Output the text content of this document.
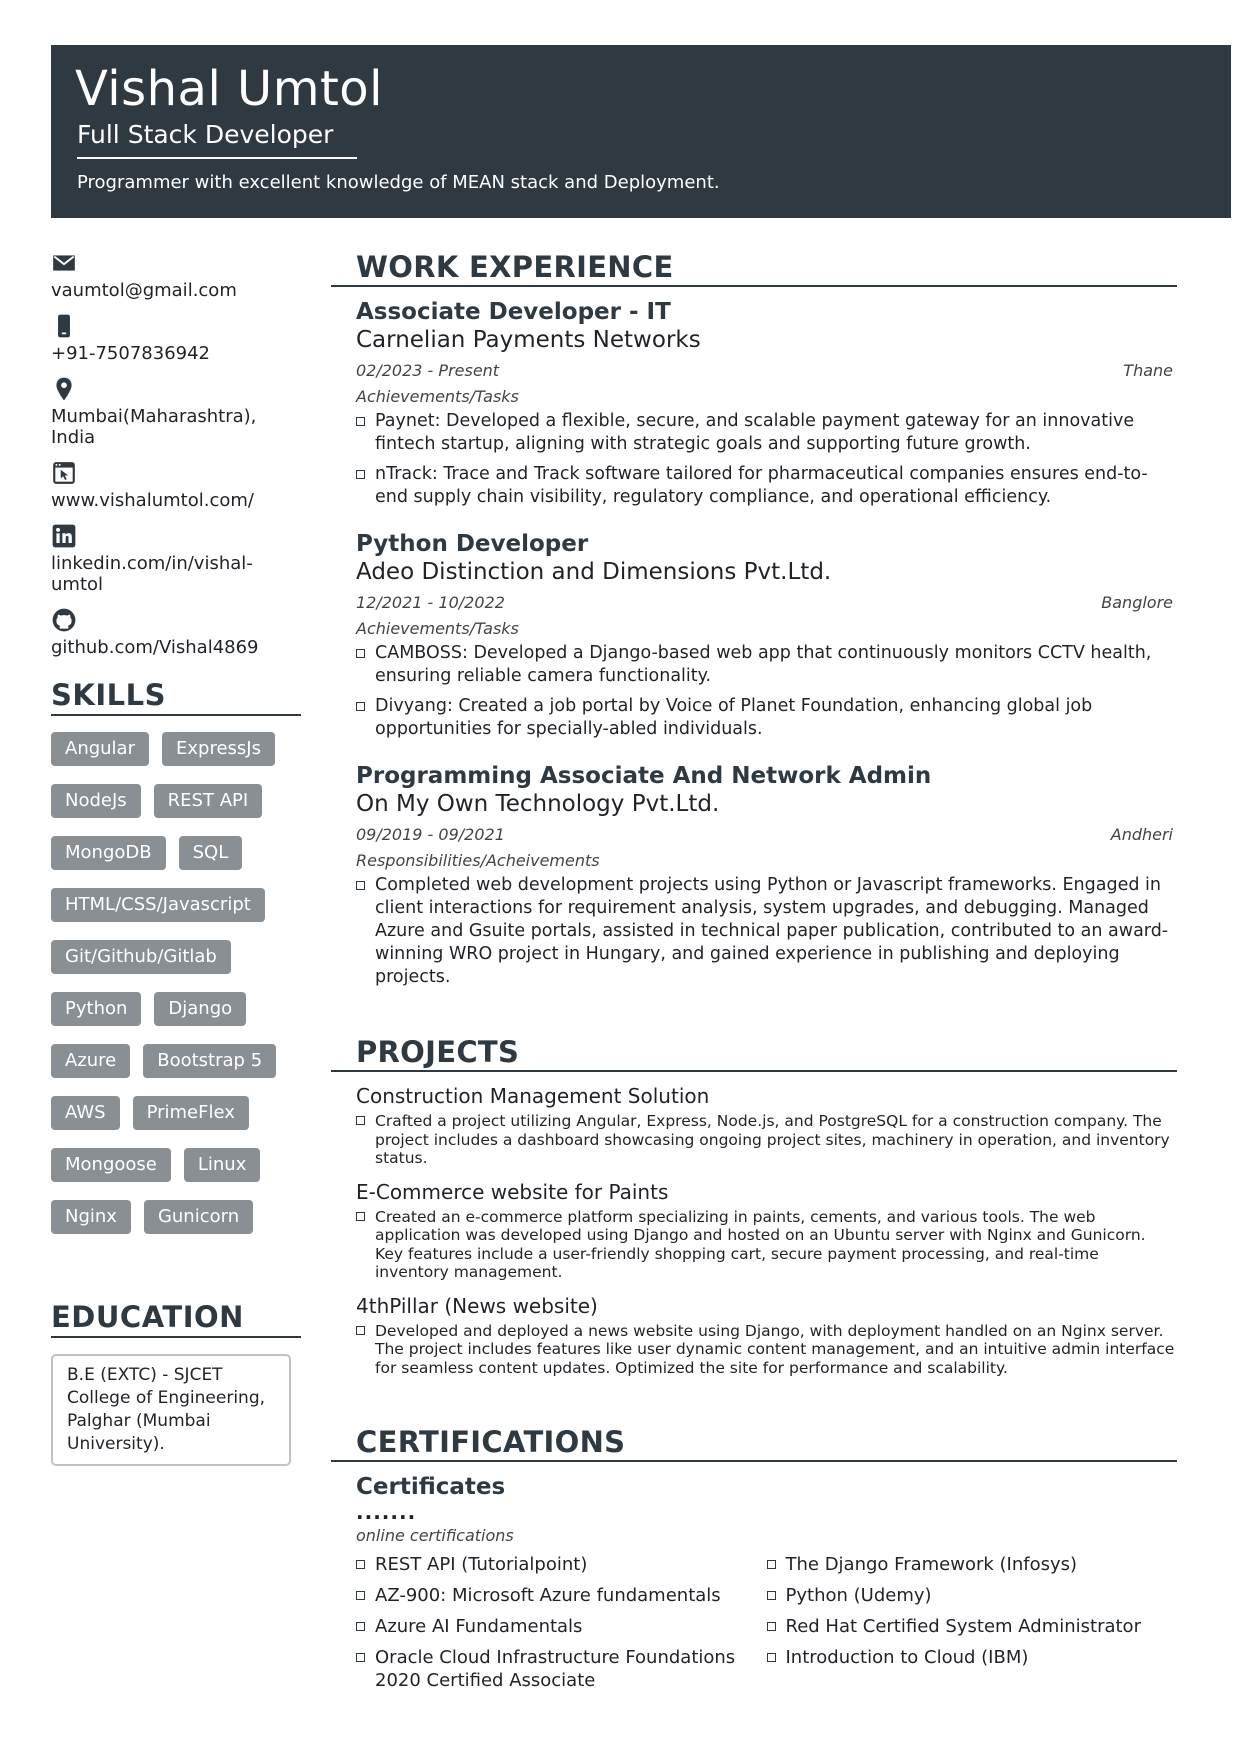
Vishal Umtol
Full Stack Developer
Programmer with excellent knowledge of MEAN stack and Deployment.
vaumtol@gmail.com
+91-7507836942
Mumbai(Maharashtra), India
www.vishalumtol.com/
linkedin.com/in/vishal-umtol
github.com/Vishal4869
SKILLS
Angular	ExpressJs
NodeJs	REST API
MongoDB	SQL
HTML/CSS/Javascript
Git/Github/Gitlab
Python	Django
Azure	Bootstrap 5
AWS	PrimeFlex
Mongoose	Linux
Nginx	Gunicorn
EDUCATION
B.E (EXTC) - SJCET College of Engineering, Palghar (Mumbai University).
WORK EXPERIENCE
Associate Developer - IT
Carnelian Payments Networks
02/2023 - Present	Thane
Achievements/Tasks
Paynet: Developed a flexible, secure, and scalable payment gateway for an innovative fintech startup, aligning with strategic goals and supporting future growth.
nTrack: Trace and Track software tailored for pharmaceutical companies ensures end-to-end supply chain visibility, regulatory compliance, and operational efficiency.
Python Developer
Adeo Distinction and Dimensions Pvt.Ltd.
12/2021 - 10/2022	Banglore
Achievements/Tasks
CAMBOSS: Developed a Django-based web app that continuously monitors CCTV health, ensuring reliable camera functionality.
Divyang: Created a job portal by Voice of Planet Foundation, enhancing global job opportunities for specially-abled individuals.
Programming Associate And Network Admin
On My Own Technology Pvt.Ltd.
09/2019 - 09/2021	Andheri
Responsibilities/Acheivements
Completed web development projects using Python or Javascript frameworks. Engaged in client interactions for requirement analysis, system upgrades, and debugging. Managed Azure and Gsuite portals, assisted in technical paper publication, contributed to an award-winning WRO project in Hungary, and gained experience in publishing and deploying projects.
PROJECTS
Construction Management Solution
Crafted a project utilizing Angular, Express, Node.js, and PostgreSQL for a construction company. The project includes a dashboard showcasing ongoing project sites, machinery in operation, and inventory status.
E-Commerce website for Paints
Created an e-commerce platform specializing in paints, cements, and various tools. The web application was developed using Django and hosted on an Ubuntu server with Nginx and Gunicorn. Key features include a user-friendly shopping cart, secure payment processing, and real-time inventory management.
4thPillar (News website)
Developed and deployed a news website using Django, with deployment handled on an Nginx server. The project includes features like user dynamic content management, and an intuitive admin interface for seamless content updates. Optimized the site for performance and scalability.
CERTIFICATIONS
Certificates
.......
online certifications
REST API (Tutorialpoint)
AZ-900: Microsoft Azure fundamentals
Azure AI Fundamentals
Oracle Cloud Infrastructure Foundations 2020 Certified Associate
The Django Framework (Infosys)
Python (Udemy)
Red Hat Certified System Administrator
Introduction to Cloud (IBM)
